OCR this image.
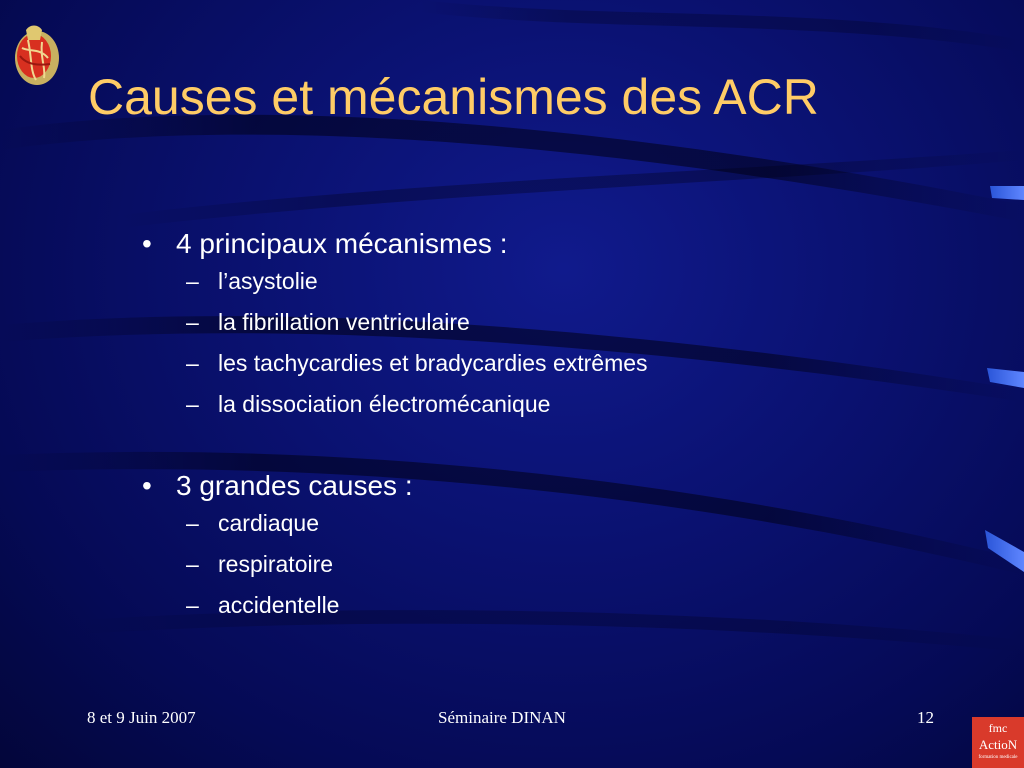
Causes et mécanismes des ACR
• 4 principaux mécanismes :
– l’asystolie
– la fibrillation ventriculaire
– les tachycardies et bradycardies extrêmes
– la dissociation électromécanique
• 3 grandes causes :
– cardiaque
– respiratoire
– accidentelle
8 et 9 Juin 2007	Séminaire DINAN	12
fmc
ActioN
formation medicale
